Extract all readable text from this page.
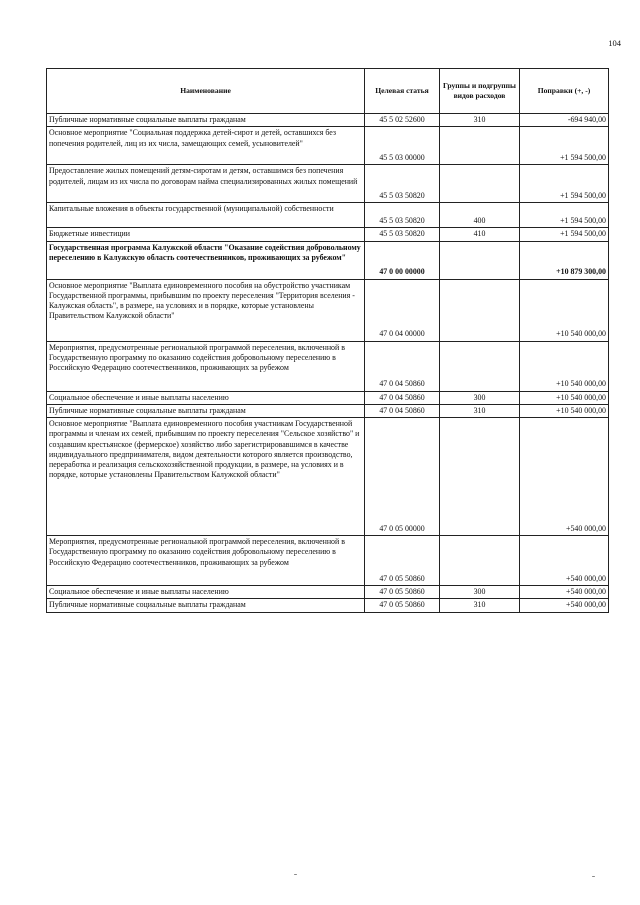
104
Наименование	Целевая статья	Группы и подгруппы видов расходов	Поправки (+, -)
Публичные нормативные социальные выплаты гражданам	45 5 02 52600	310	-694 940,00
Основное мероприятие "Социальная поддержка детей-сирот и детей, оставшихся без попечения родителей, лиц из их числа, замещающих семей, усыновителей"	45 5 03 00000		+1 594 500,00
Предоставление жилых помещений детям-сиротам и детям, оставшимся без попечения родителей, лицам из их числа по договорам найма специализированных жилых помещений	45 5 03 50820		+1 594 500,00
Капитальные вложения в объекты государственной (муниципальной) собственности	45 5 03 50820	400	+1 594 500,00
Бюджетные инвестиции	45 5 03 50820	410	+1 594 500,00
Государственная программа Калужской области "Оказание содействия добровольному переселению в Калужскую область соотечественников, проживающих за рубежом"	47 0 00 00000		+10 879 300,00
Основное мероприятие "Выплата единовременного пособия на обустройство участникам Государственной программы, прибывшим по проекту переселения "Территория вселения - Калужская область", в размере, на условиях и в порядке, которые установлены Правительством Калужской области"	47 0 04 00000		+10 540 000,00
Мероприятия, предусмотренные региональной программой переселения, включенной в Государственную программу по оказанию содействия добровольному переселению в Российскую Федерацию соотечественников, проживающих за рубежом	47 0 04 50860		+10 540 000,00
Социальное обеспечение и иные выплаты населению	47 0 04 50860	300	+10 540 000,00
Публичные нормативные социальные выплаты гражданам	47 0 04 50860	310	+10 540 000,00
Основное мероприятие "Выплата единовременного пособия участникам Государственной программы и членам их семей, прибывшим по проекту переселения "Сельское хозяйство" и создавшим крестьянское (фермерское) хозяйство либо зарегистрировавшимся в качестве индивидуального предпринимателя, видом деятельности которого является производство, переработка и реализация сельскохозяйственной продукции, в размере, на условиях и в порядке, которые установлены Правительством Калужской области"	47 0 05 00000		+540 000,00
Мероприятия, предусмотренные региональной программой переселения, включенной в Государственную программу по оказанию содействия добровольному переселению в Российскую Федерацию соотечественников, проживающих за рубежом	47 0 05 50860		+540 000,00
Социальное обеспечение и иные выплаты населению	47 0 05 50860	300	+540 000,00
Публичные нормативные социальные выплаты гражданам	47 0 05 50860	310	+540 000,00
ˉ	ˉ
